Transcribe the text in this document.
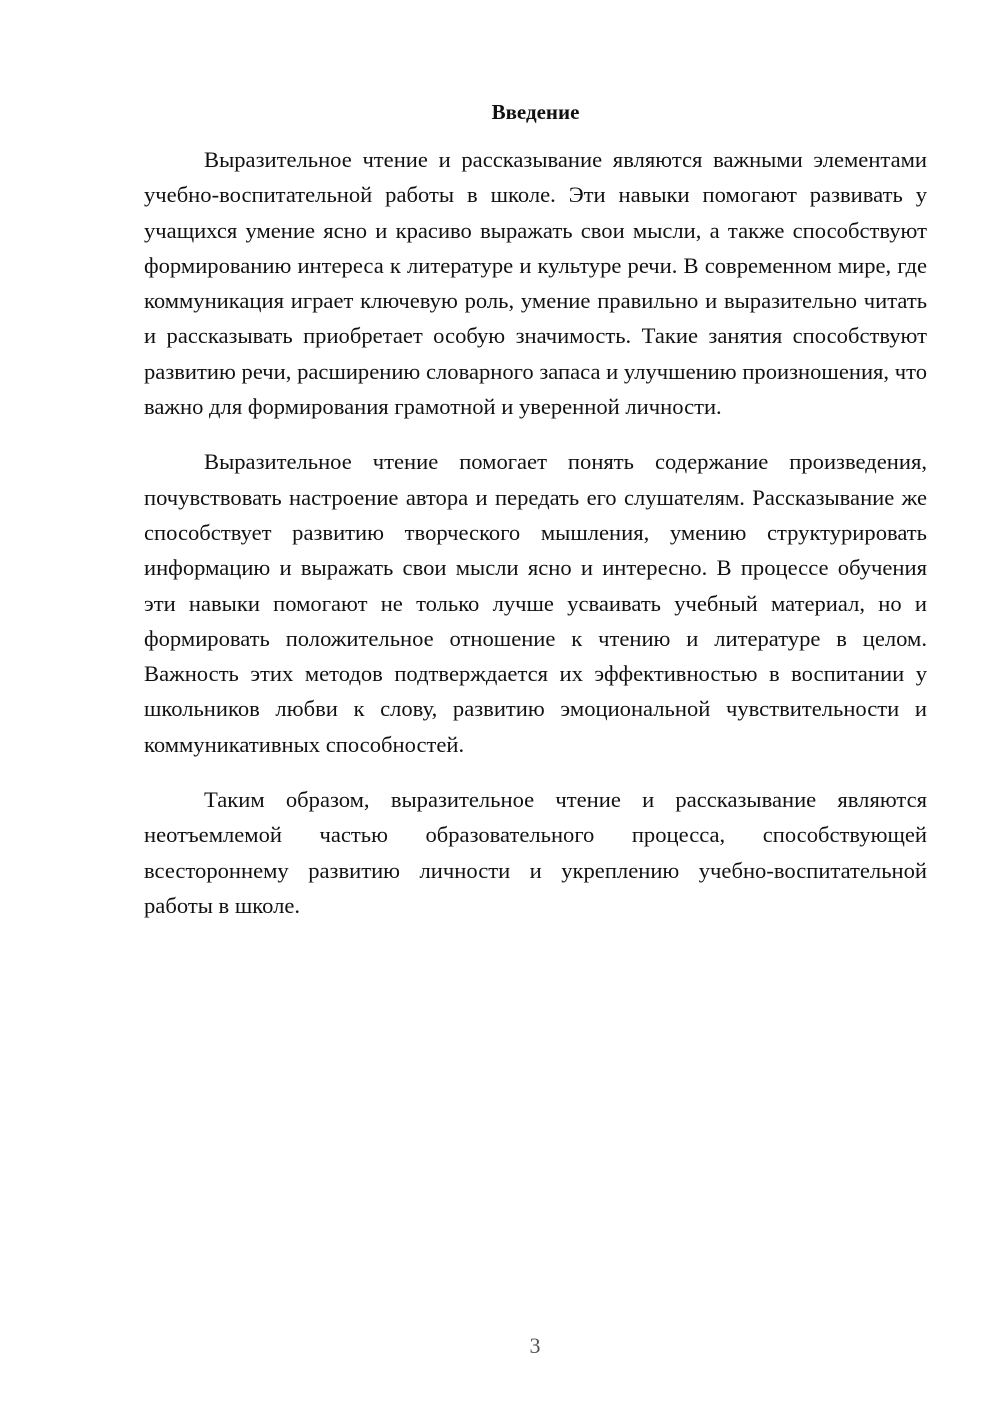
Введение

Выразительное чтение и рассказывание являются важными элементами учебно-воспитательной работы в школе. Эти навыки помогают развивать у учащихся умение ясно и красиво выражать свои мысли, а также способствуют формированию интереса к литературе и культуре речи. В современном мире, где коммуникация играет ключевую роль, умение правильно и выразительно читать и рассказывать приобретает особую значимость. Такие занятия способствуют развитию речи, расширению словарного запаса и улучшению произношения, что важно для формирования грамотной и уверенной личности.

Выразительное чтение помогает понять содержание произведения, почувствовать настроение автора и передать его слушателям. Рассказывание же способствует развитию творческого мышления, умению структурировать информацию и выражать свои мысли ясно и интересно. В процессе обучения эти навыки помогают не только лучше усваивать учебный материал, но и формировать положительное отношение к чтению и литературе в целом. Важность этих методов подтверждается их эффективностью в воспитании у школьников любви к слову, развитию эмоциональной чувствительности и коммуникативных способностей.

Таким образом, выразительное чтение и рассказывание являются неотъемлемой частью образовательного процесса, способствующей всестороннему развитию личности и укреплению учебно-воспитательной работы в школе.

3
